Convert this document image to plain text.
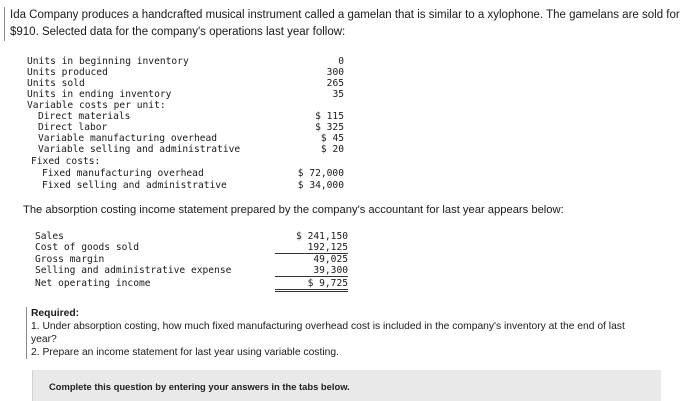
Ida Company produces a handcrafted musical instrument called a gamelan that is similar to a xylophone. The gamelans are sold for
$910. Selected data for the company's operations last year follow:
Units in beginning inventory	0
Units produced	300
Units sold	265
Units in ending inventory	35
Variable costs per unit:
Direct materials	$ 115
Direct labor	$ 325
Variable manufacturing overhead	$ 45
Variable selling and administrative	$ 20
Fixed costs:
Fixed manufacturing overhead	$ 72,000
Fixed selling and administrative	$ 34,000
The absorption costing income statement prepared by the company's accountant for last year appears below:
Sales	$ 241,150
Cost of goods sold	192,125
Gross margin	49,025
Selling and administrative expense	39,300
Net operating income	$ 9,725
Required:
1. Under absorption costing, how much fixed manufacturing overhead cost is included in the company's inventory at the end of last
year?
2. Prepare an income statement for last year using variable costing.
Complete this question by entering your answers in the tabs below.
